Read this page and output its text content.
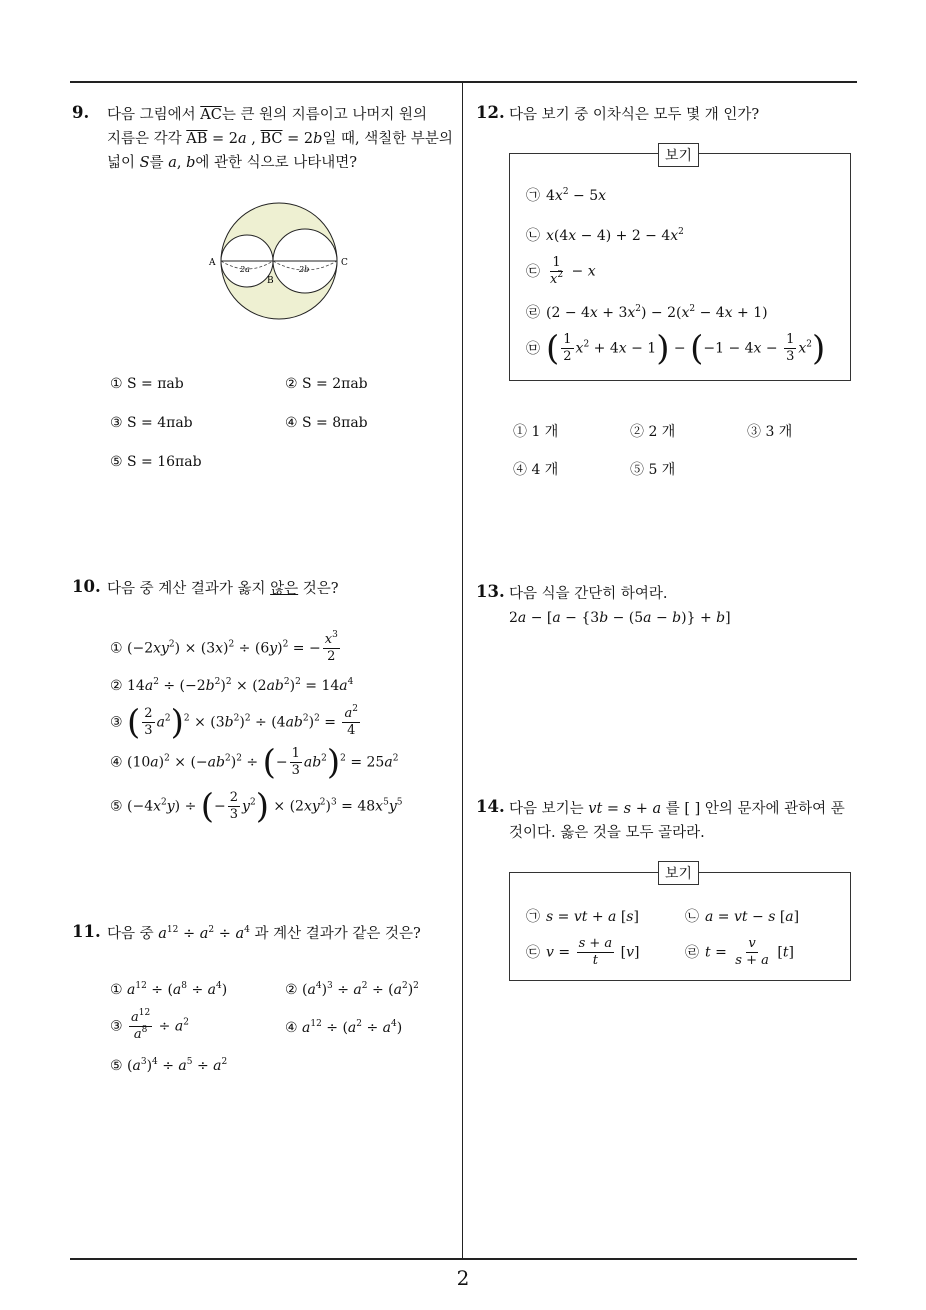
2
9. 다음 그림에서 $\overline{AC}$는 큰 원의 지름이고 나머지 원의
지름은 각각 $\overline{AB} = 2a$ , $\overline{BC} = 2b$일 때, 색칠한 부분의
넓이 S를 a, b에 관한 식으로 나타내면?
A
B
C
2a	2b
① S = πab	② S = 2πab
③ S = 4πab	④ S = 8πab
⑤ S = 16πab
10. 다음 중 계산 결과가 옳지 않은 것은?
① $(-2xy^2) \times (3x)^2 \div (6y)^2$ = − $\frac{x^3}{2}$
② $14a^2 \div (-2b^2)^2 \times (2ab^2)^2 = 14a^4$
③ ( $\frac{2}{3} a^2)^2 \times (3b^2)^2 \div (4ab^2)^2 = \frac{a^2}{4}$
④ $(10a)^2 \times (-ab^2)^2$ ÷ (− $\frac{1}{3} ab^2)^2 = 25a^2$
⑤ $(-4x^2y)$ ÷ (− $\frac{2}{3} y^2) \times (2xy^2)^3 = 48x^5y^5$
11. 다음 중 $a^{12} \div a^2 \div a^4$ 과 계산 결과가 같은 것은?
① $a^{12} \div (a^8 \div a^4)$	② $(a^4)^3 \div a^2 \div (a^2)^2$
③ $\frac{a^{12}}{a^8} \div a^2$	④ $a^{12} \div (a^2 \div a^4)$
⑤ $(a^3)^4 \div a^5 \div a^2$
12. 다음 보기 중 이차식은 모두 몇 개 인가?
보기
㉠ $4x^2 - 5x$
㉡ $x(4x - 4) + 2 - 4x^2$
㉢ $\frac{1}{x^2} - x$
㉣ $(2 - 4x + 3x^2) - 2(x^2 - 4x + 1)$
㉤ ( $\frac{1}{2} x^2 + 4x - 1) - (-1 - 4x - \frac{1}{3} x^2)$
① 1 개	② 2 개	③ 3 개
④ 4 개	⑤ 5 개
13. 다음 식을 간단히 하여라.
2a − [a − {3b − (5a − b)} + b]
14. 다음 보기는 vt = s + a 를 [ ] 안의 문자에 관하여 푼
것이다. 옳은 것을 모두 골라라.
보기
㉠ s = vt + a [s]	㉡ a = vt − s [a]
㉢ $v = \frac{s + a}{t} [v]$	㉣ $t = \frac{v}{s + a} [t]$
